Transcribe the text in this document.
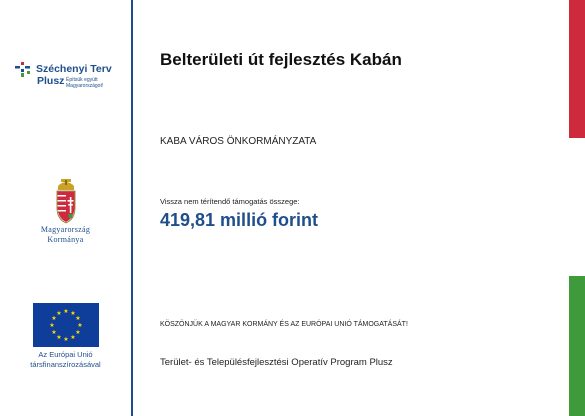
Széchenyi Terv
Plusz Építsük együtt
Magyarországot!
Magyarország
Kormánya
★ ★
★
★
★
★
★
★
★
★
★
★
Az Európai Unió
társfinanszírozásával
Belterületi út fejlesztés Kabán
KABA VÁROS ÖNKORMÁNYZATA
Vissza nem térítendő támogatás összege:
419,81 millió forint
KÖSZÖNJÜK A MAGYAR KORMÁNY ÉS AZ EURÓPAI UNIÓ TÁMOGATÁSÁT!
Terület- és Településfejlesztési Operatív Program Plusz
